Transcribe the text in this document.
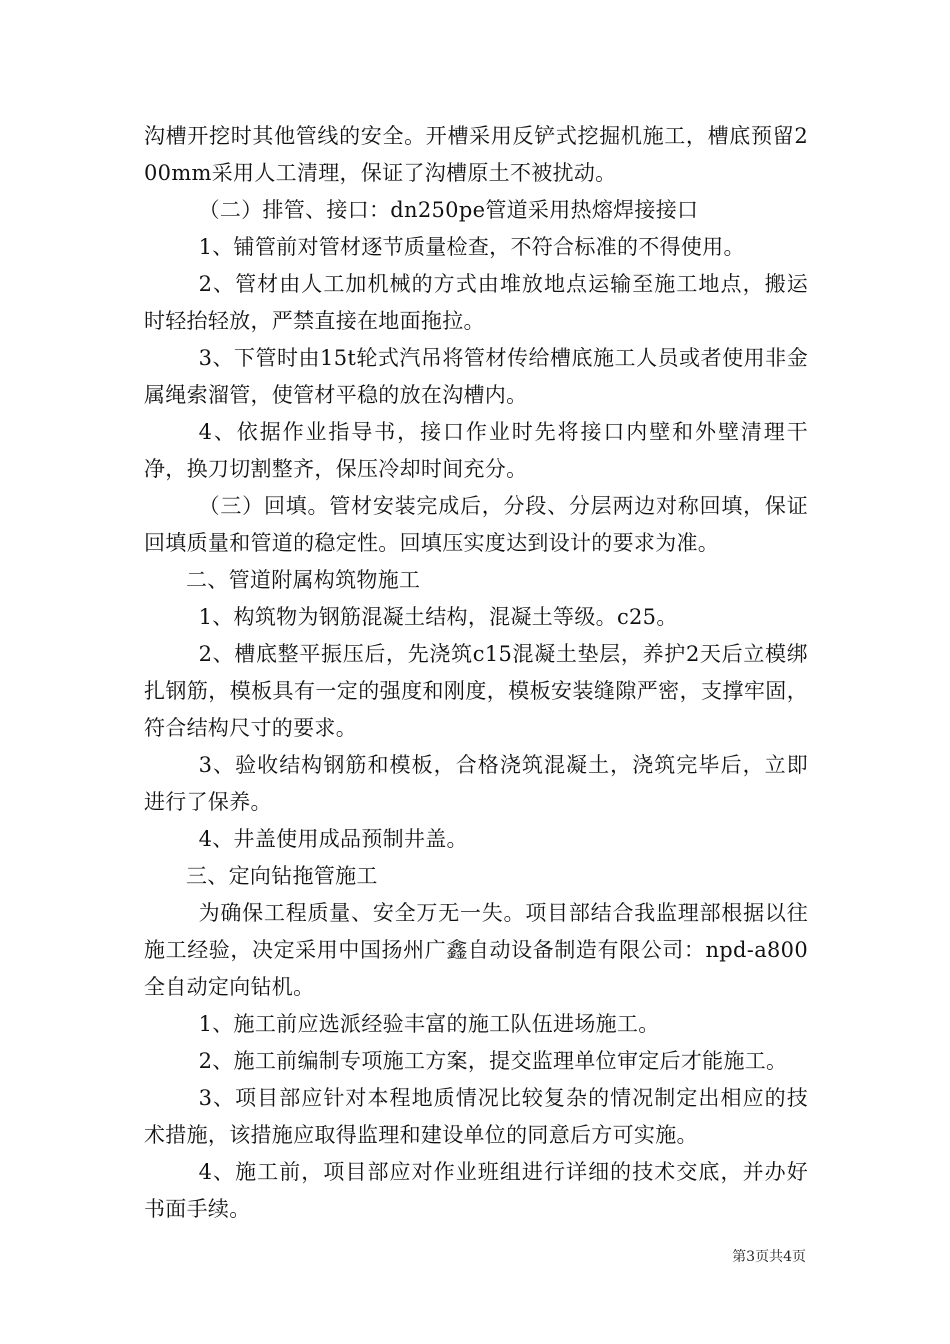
沟槽开挖时其他管线的安全。开槽采用反铲式挖掘机施工，槽底预留200mm采用人工清理，保证了沟槽原土不被扰动。

（二）排管、接口：dn250pe管道采用热熔焊接接口

1、铺管前对管材逐节质量检查，不符合标准的不得使用。

2、管材由人工加机械的方式由堆放地点运输至施工地点，搬运时轻抬轻放，严禁直接在地面拖拉。

3、下管时由15t轮式汽吊将管材传给槽底施工人员或者使用非金属绳索溜管，使管材平稳的放在沟槽内。

4、依据作业指导书，接口作业时先将接口内壁和外壁清理干净，换刀切割整齐，保压冷却时间充分。

（三）回填。管材安装完成后，分段、分层两边对称回填，保证回填质量和管道的稳定性。回填压实度达到设计的要求为准。

二、管道附属构筑物施工

1、构筑物为钢筋混凝土结构，混凝土等级。c25。

2、槽底整平振压后，先浇筑c15混凝土垫层，养护2天后立模绑扎钢筋，模板具有一定的强度和刚度，模板安装缝隙严密，支撑牢固，符合结构尺寸的要求。

3、验收结构钢筋和模板，合格浇筑混凝土，浇筑完毕后，立即进行了保养。

4、井盖使用成品预制井盖。

三、定向钻拖管施工

为确保工程质量、安全万无一失。项目部结合我监理部根据以往施工经验，决定采用中国扬州广鑫自动设备制造有限公司：npd-a800全自动定向钻机。

1、施工前应选派经验丰富的施工队伍进场施工。

2、施工前编制专项施工方案，提交监理单位审定后才能施工。

3、项目部应针对本程地质情况比较复杂的情况制定出相应的技术措施，该措施应取得监理和建设单位的同意后方可实施。

4、施工前，项目部应对作业班组进行详细的技术交底，并办好书面手续。

第3页共4页
